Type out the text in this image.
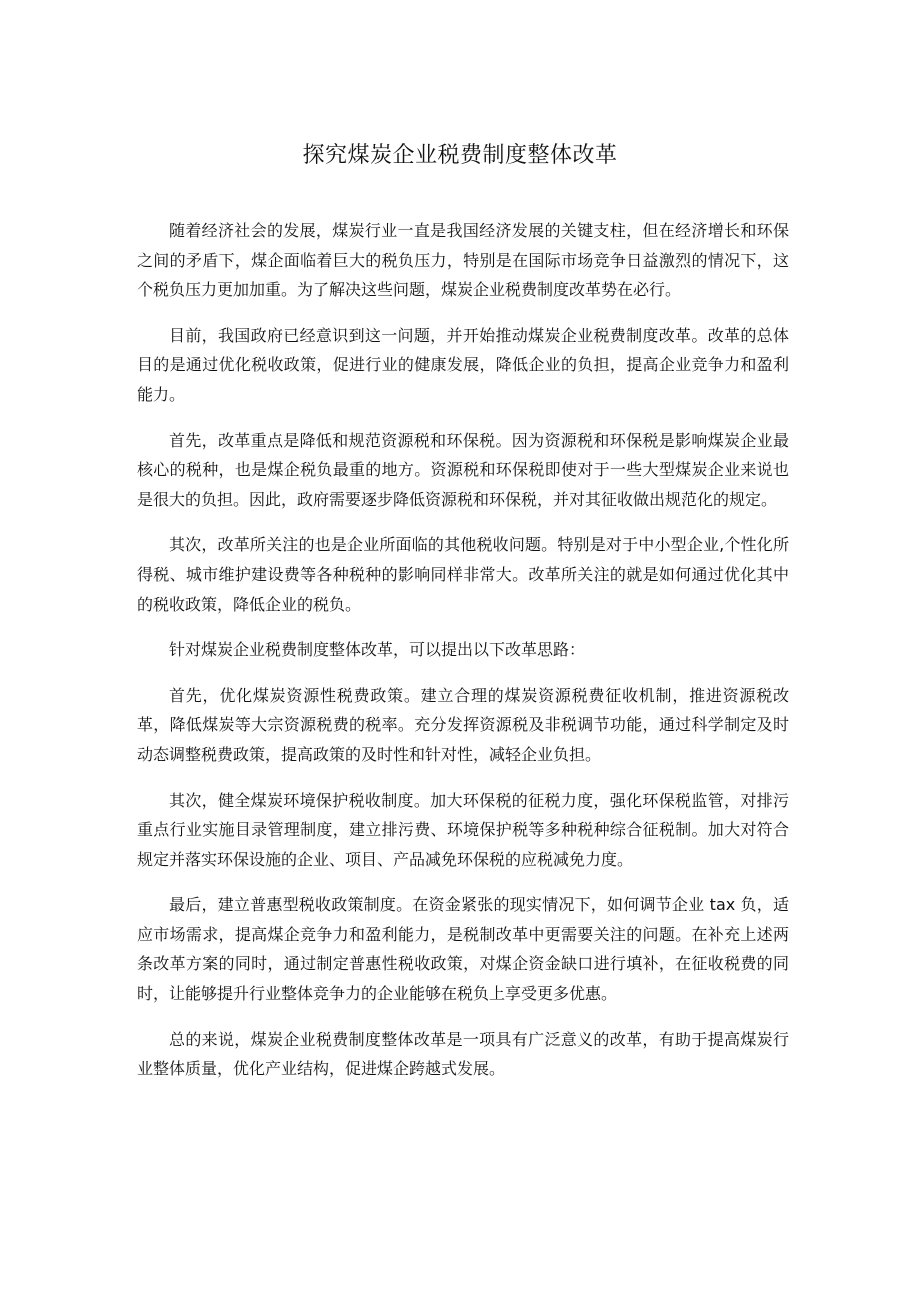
探究煤炭企业税费制度整体改革

随着经济社会的发展，煤炭行业一直是我国经济发展的关键支柱，但在经济增长和环保之间的矛盾下，煤企面临着巨大的税负压力，特别是在国际市场竞争日益激烈的情况下，这个税负压力更加加重。为了解决这些问题，煤炭企业税费制度改革势在必行。

目前，我国政府已经意识到这一问题，并开始推动煤炭企业税费制度改革。改革的总体目的是通过优化税收政策，促进行业的健康发展，降低企业的负担，提高企业竞争力和盈利能力。

首先，改革重点是降低和规范资源税和环保税。因为资源税和环保税是影响煤炭企业最核心的税种，也是煤企税负最重的地方。资源税和环保税即使对于一些大型煤炭企业来说也是很大的负担。因此，政府需要逐步降低资源税和环保税，并对其征收做出规范化的规定。

其次，改革所关注的也是企业所面临的其他税收问题。特别是对于中小型企业,个性化所得税、城市维护建设费等各种税种的影响同样非常大。改革所关注的就是如何通过优化其中的税收政策，降低企业的税负。

针对煤炭企业税费制度整体改革，可以提出以下改革思路：

首先，优化煤炭资源性税费政策。建立合理的煤炭资源税费征收机制，推进资源税改革，降低煤炭等大宗资源税费的税率。充分发挥资源税及非税调节功能，通过科学制定及时动态调整税费政策，提高政策的及时性和针对性，减轻企业负担。

其次，健全煤炭环境保护税收制度。加大环保税的征税力度，强化环保税监管，对排污重点行业实施目录管理制度，建立排污费、环境保护税等多种税种综合征税制。加大对符合规定并落实环保设施的企业、项目、产品减免环保税的应税减免力度。

最后，建立普惠型税收政策制度。在资金紧张的现实情况下，如何调节企业 tax 负，适应市场需求，提高煤企竞争力和盈利能力，是税制改革中更需要关注的问题。在补充上述两条改革方案的同时，通过制定普惠性税收政策，对煤企资金缺口进行填补，在征收税费的同时，让能够提升行业整体竞争力的企业能够在税负上享受更多优惠。

总的来说，煤炭企业税费制度整体改革是一项具有广泛意义的改革，有助于提高煤炭行业整体质量，优化产业结构，促进煤企跨越式发展。
